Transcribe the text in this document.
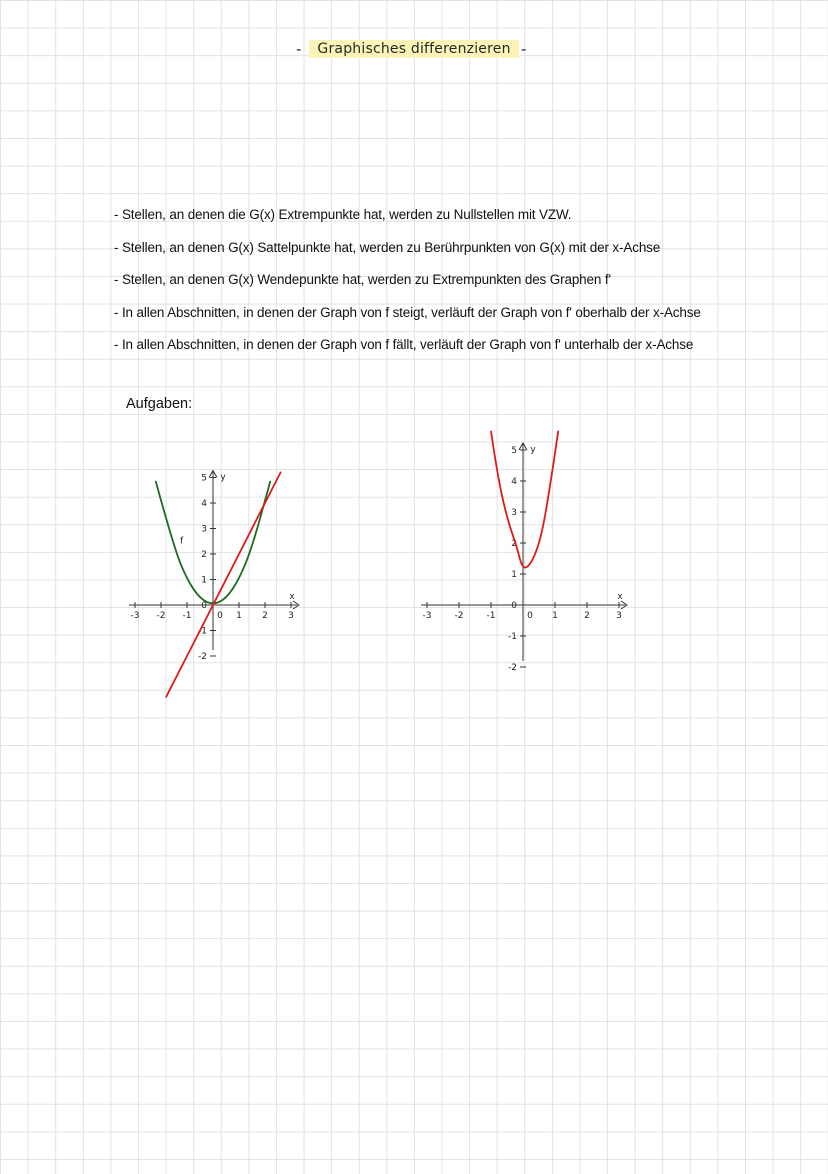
-	Graphisches differenzieren -
- Stellen, an denen die G(x) Extrempunkte hat, werden zu Nullstellen mit VZW.
- Stellen, an denen G(x) Sattelpunkte hat, werden zu Berührpunkten von G(x) mit der x-Achse
- Stellen, an denen G(x) Wendepunkte hat, werden zu Extrempunkten des Graphen f'
- In allen Abschnitten, in denen der Graph von f steigt, verläuft der Graph von f' oberhalb der x-Achse
- In allen Abschnitten, in denen der Graph von f fällt, verläuft der Graph von f' unterhalb der x-Achse
Aufgaben:
-3 -2 -1	0 1 2 3
-2
-1
0
1
2
3
4
5
x
y
f
-3	-2	-1	0 1	2	3
-2
-1
0
1
2
3
4
5
x
y
